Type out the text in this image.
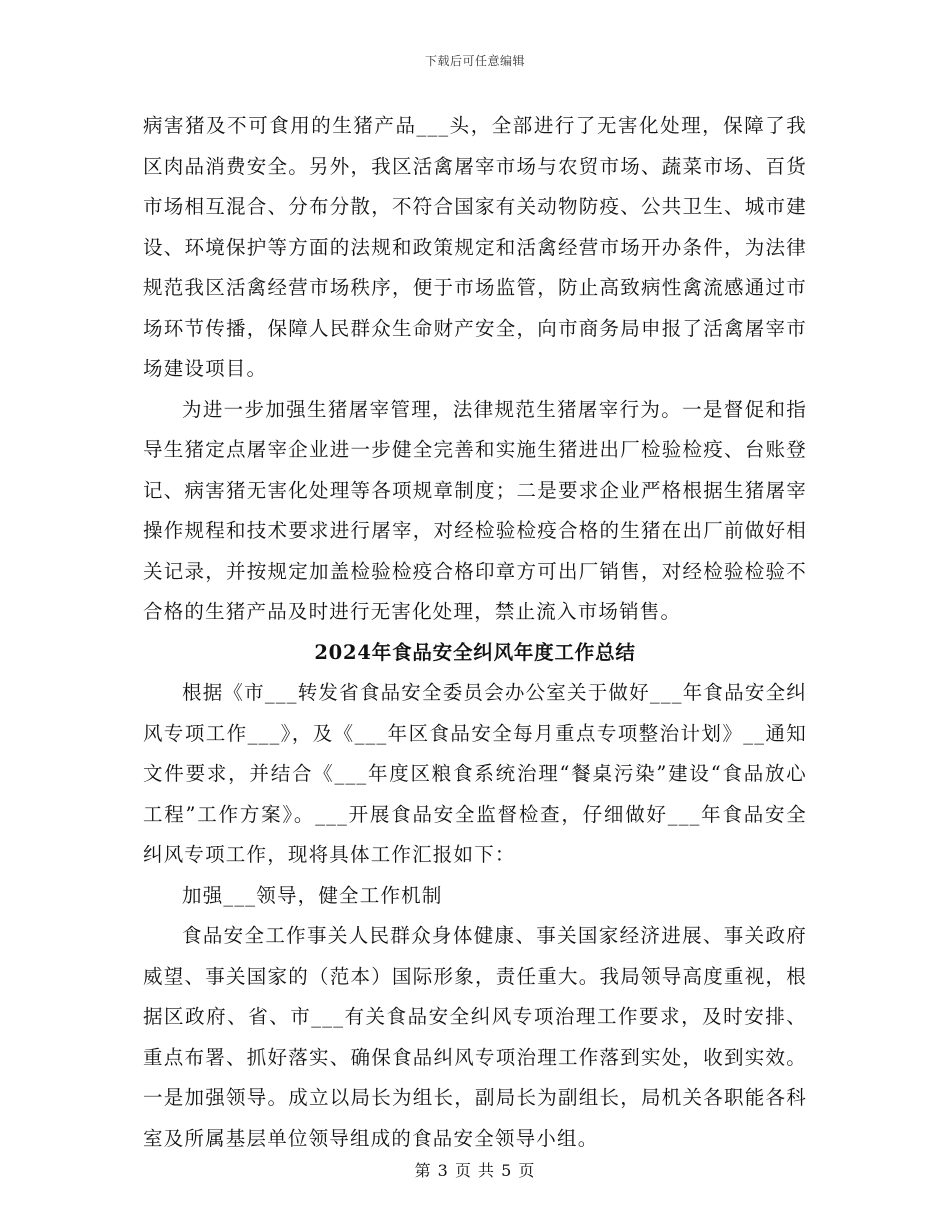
下载后可任意编辑

病害猪及不可食用的生猪产品___头，全部进行了无害化处理，保障了我区肉品消费安全。另外，我区活禽屠宰市场与农贸市场、蔬菜市场、百货市场相互混合、分布分散，不符合国家有关动物防疫、公共卫生、城市建设、环境保护等方面的法规和政策规定和活禽经营市场开办条件，为法律规范我区活禽经营市场秩序，便于市场监管，防止高致病性禽流感通过市场环节传播，保障人民群众生命财产安全，向市商务局申报了活禽屠宰市场建设项目。

为进一步加强生猪屠宰管理，法律规范生猪屠宰行为。一是督促和指导生猪定点屠宰企业进一步健全完善和实施生猪进出厂检验检疫、台账登记、病害猪无害化处理等各项规章制度；二是要求企业严格根据生猪屠宰操作规程和技术要求进行屠宰，对经检验检疫合格的生猪在出厂前做好相关记录，并按规定加盖检验检疫合格印章方可出厂销售，对经检验检验不合格的生猪产品及时进行无害化处理，禁止流入市场销售。

2024年食品安全纠风年度工作总结

根据《市___转发省食品安全委员会办公室关于做好___年食品安全纠风专项工作___》，及《___年区食品安全每月重点专项整治计划》__通知文件要求，并结合《___年度区粮食系统治理“餐桌污染”建设“食品放心工程”工作方案》。___开展食品安全监督检查，仔细做好___年食品安全纠风专项工作，现将具体工作汇报如下：

加强___领导，健全工作机制

食品安全工作事关人民群众身体健康、事关国家经济进展、事关政府威望、事关国家的（范本）国际形象，责任重大。我局领导高度重视，根据区政府、省、市___有关食品安全纠风专项治理工作要求，及时安排、重点布署、抓好落实、确保食品纠风专项治理工作落到实处，收到实效。一是加强领导。成立以局长为组长，副局长为副组长，局机关各职能各科室及所属基层单位领导组成的食品安全领导小组。

第 3 页 共 5 页
